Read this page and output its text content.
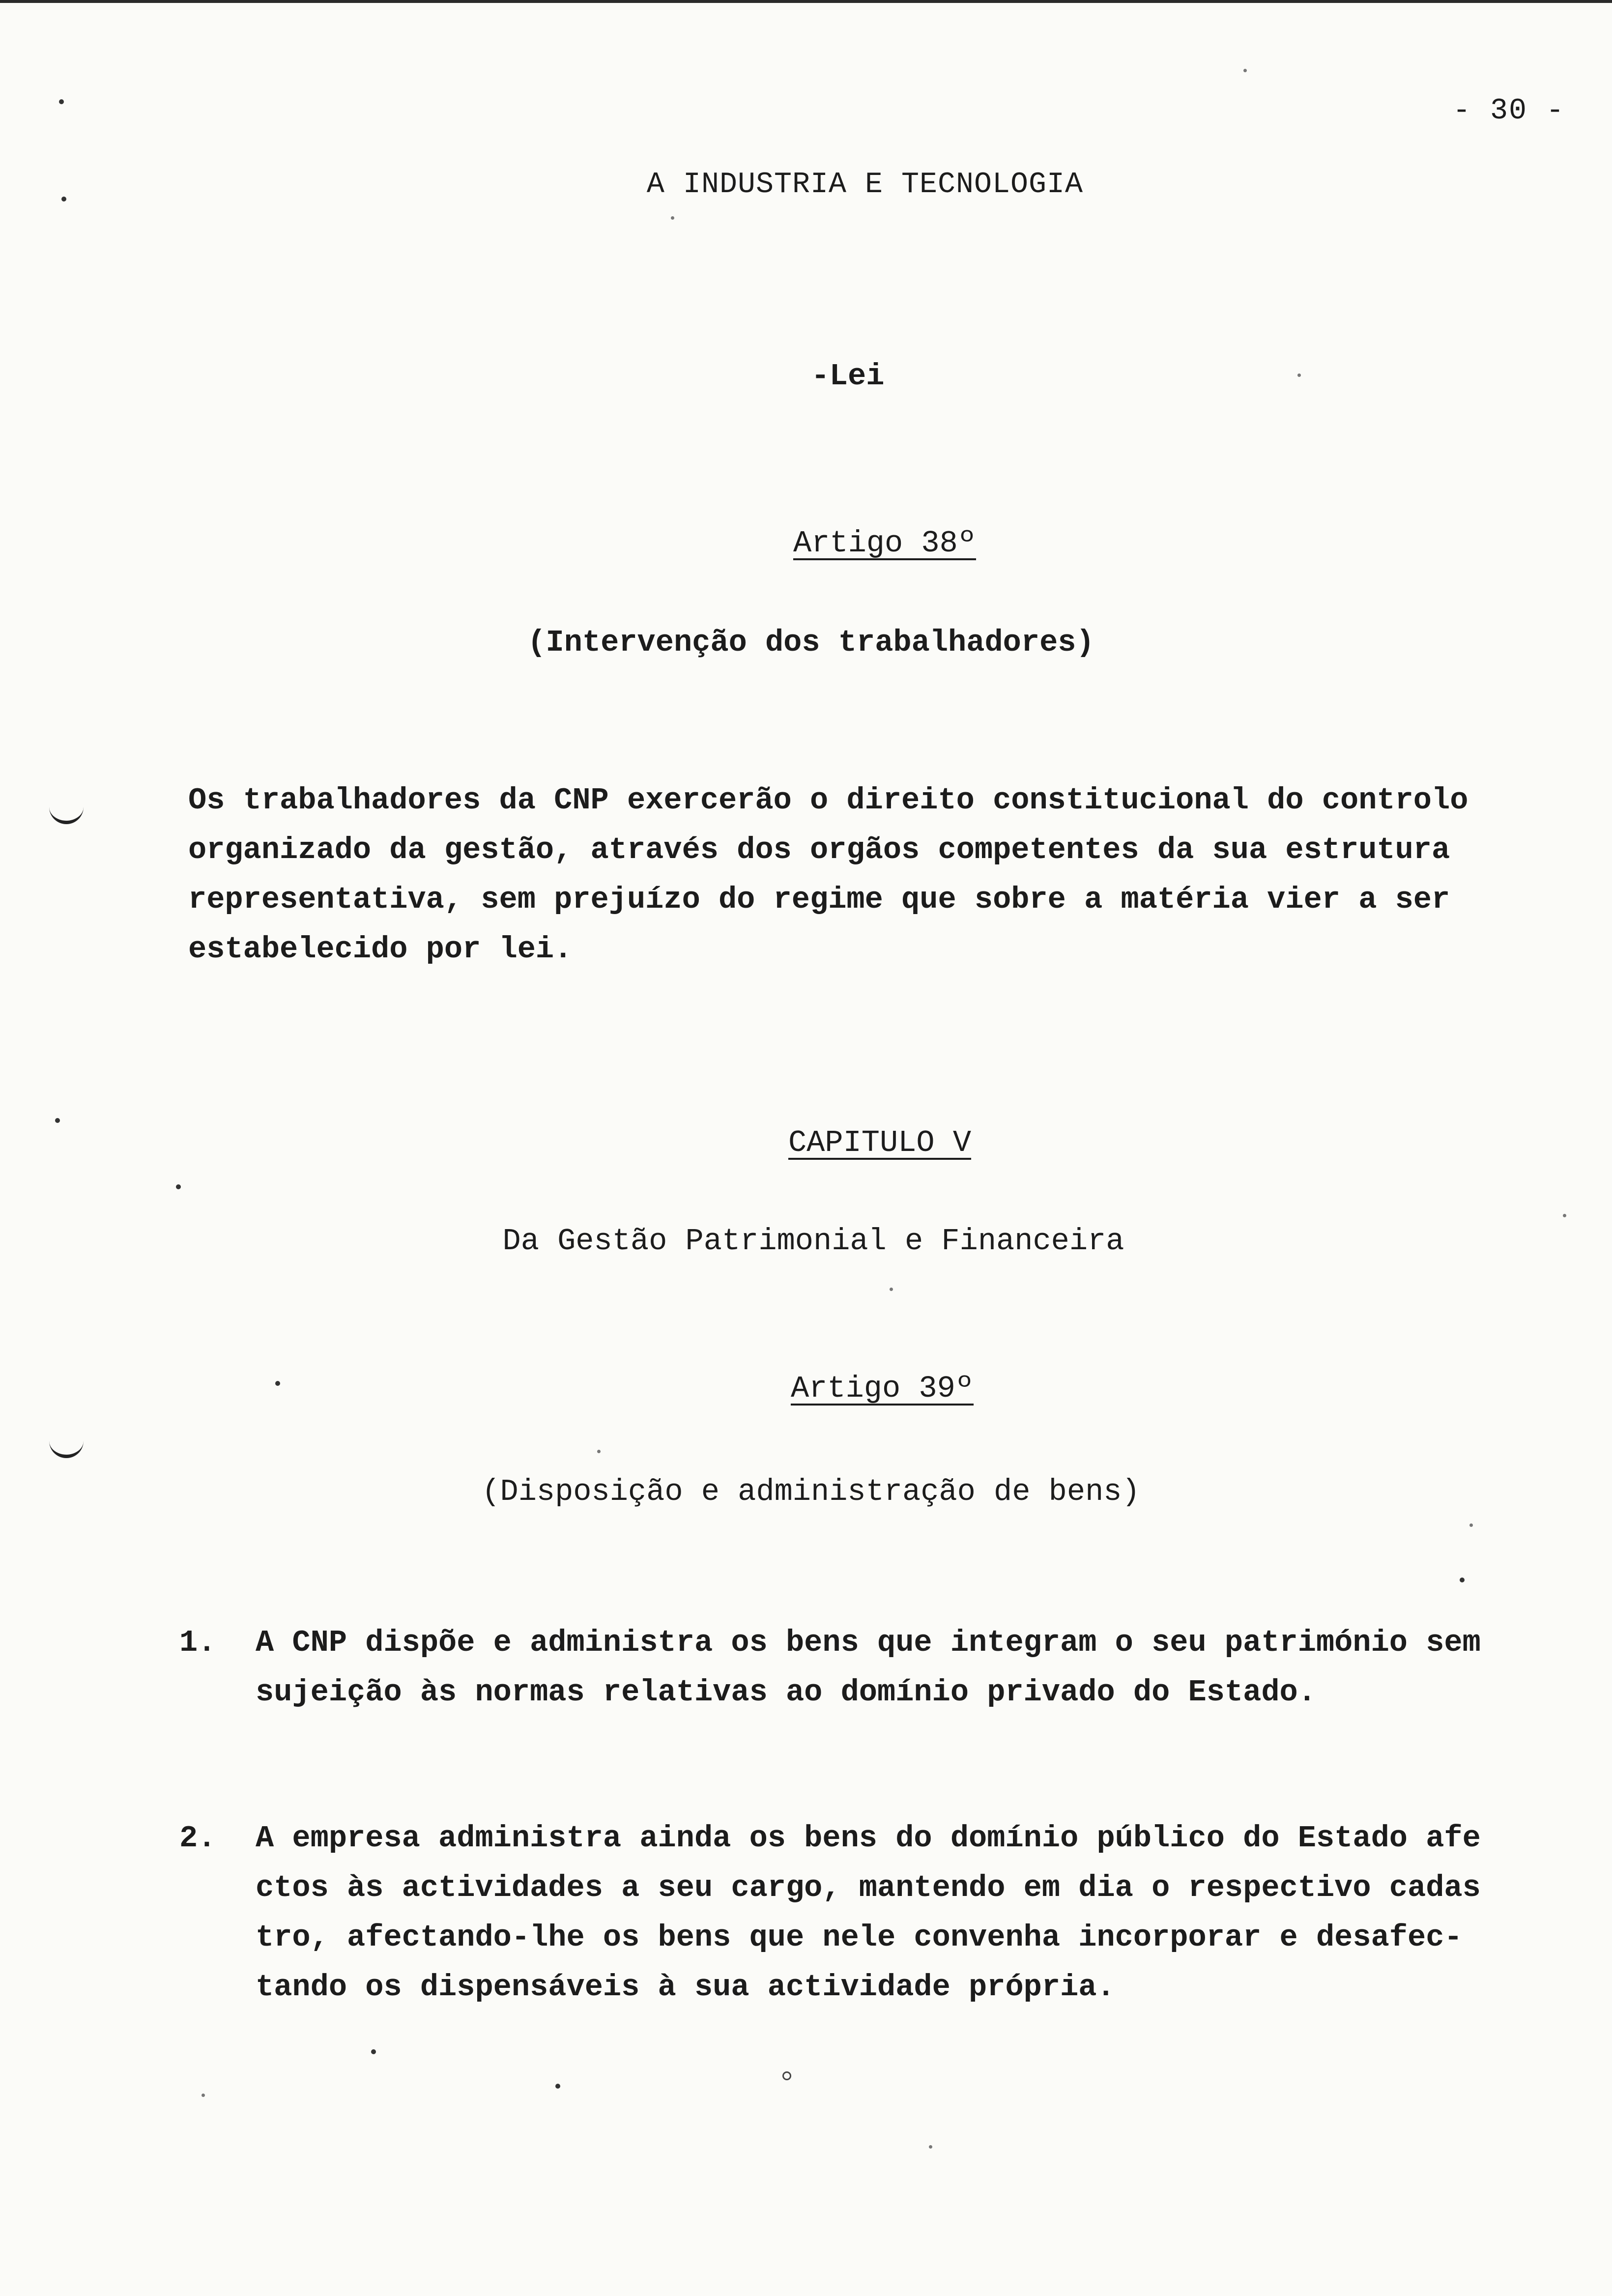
- 30 -
A INDUSTRIA E TECNOLOGIA
-Lei
Artigo 38º
(Intervenção dos trabalhadores)
Os trabalhadores da CNP exercerão o direito constitucional do controlo
organizado da gestão, através dos orgãos competentes da sua estrutura
representativa, sem prejuízo do regime que sobre a matéria vier a ser
estabelecido por lei.
CAPITULO V
Da Gestão Patrimonial e Financeira
Artigo 39º
(Disposição e administração de bens)
1. A CNP dispõe e administra os bens que integram o seu património sem
sujeição às normas relativas ao domínio privado do Estado.
2. A empresa administra ainda os bens do domínio público do Estado afe
ctos às actividades a seu cargo, mantendo em dia o respectivo cadas
tro, afectando-lhe os bens que nele convenha incorporar e desafec-
tando os dispensáveis à sua actividade própria.
